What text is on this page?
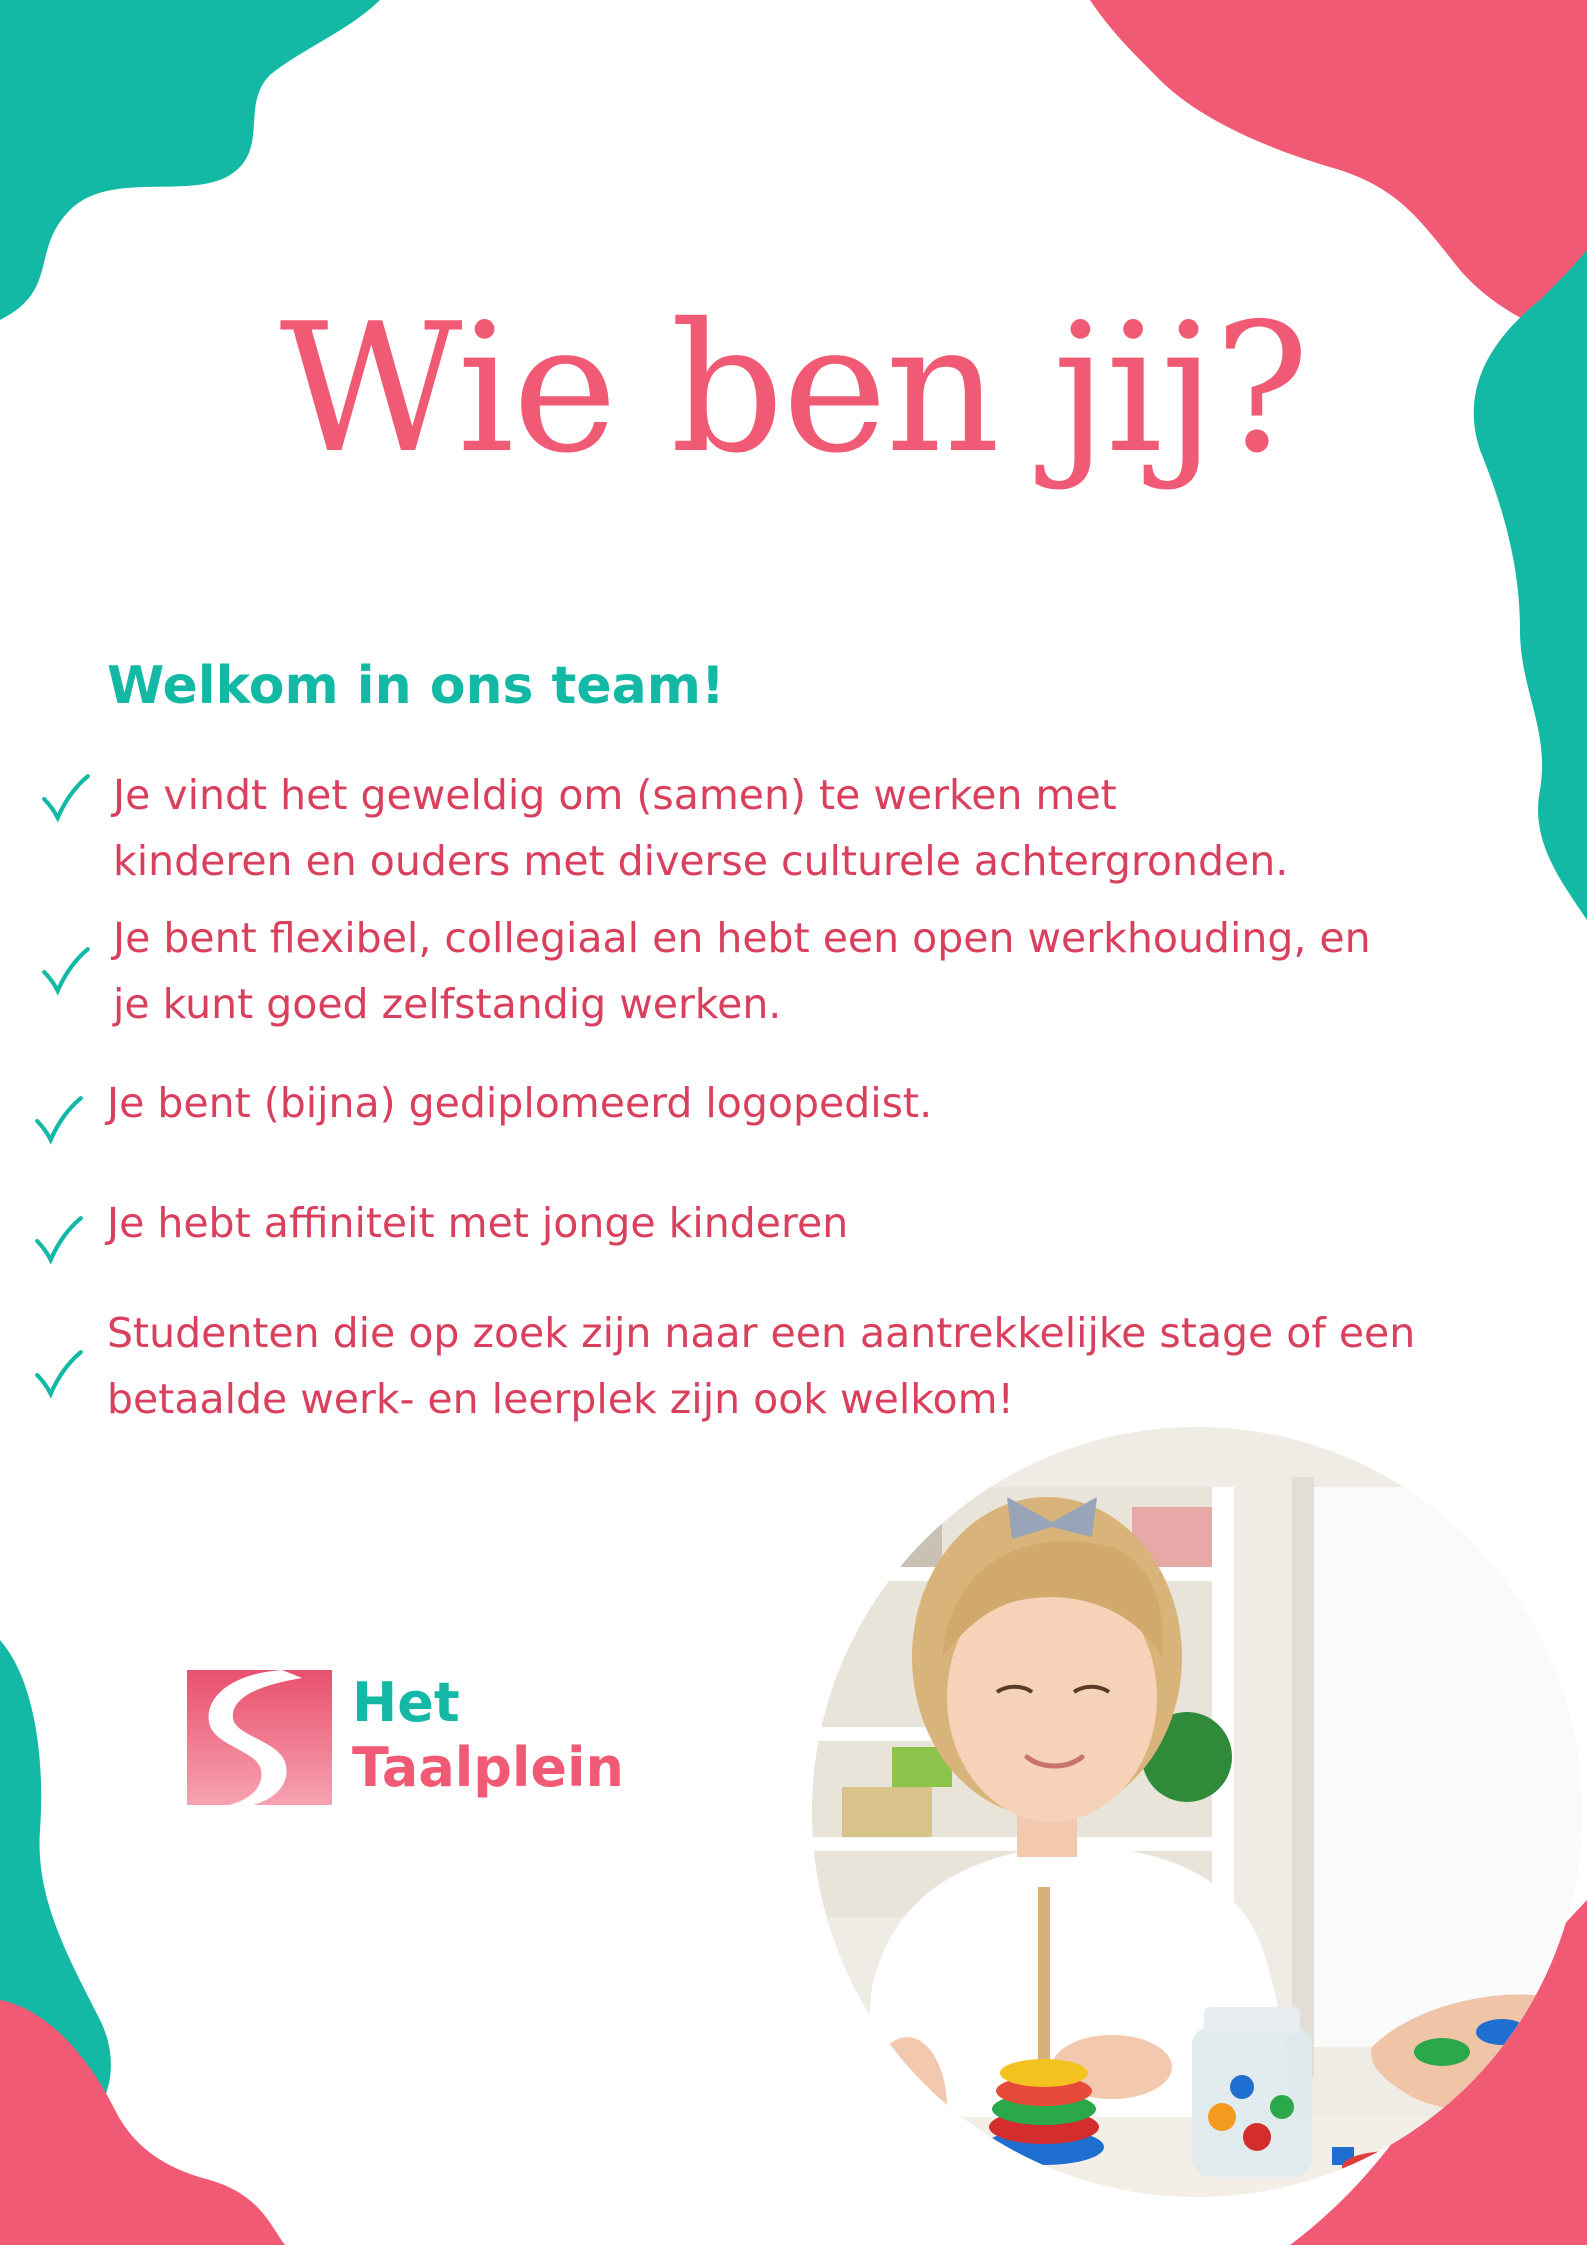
Wie ben jij?
Welkom in ons team!

Je vindt het geweldig om (samen) te werken met

kinderen en ouders met diverse culturele achtergronden.

Je bent flexibel, collegiaal en hebt een open werkhouding, en

je kunt goed zelfstandig werken.

Je bent (bijna) gediplomeerd logopedist.

Je hebt affiniteit met jonge kinderen

Studenten die op zoek zijn naar een aantrekkelijke stage of een

betaalde werk- en leerplek zijn ook welkom!

Het

Taalplein
